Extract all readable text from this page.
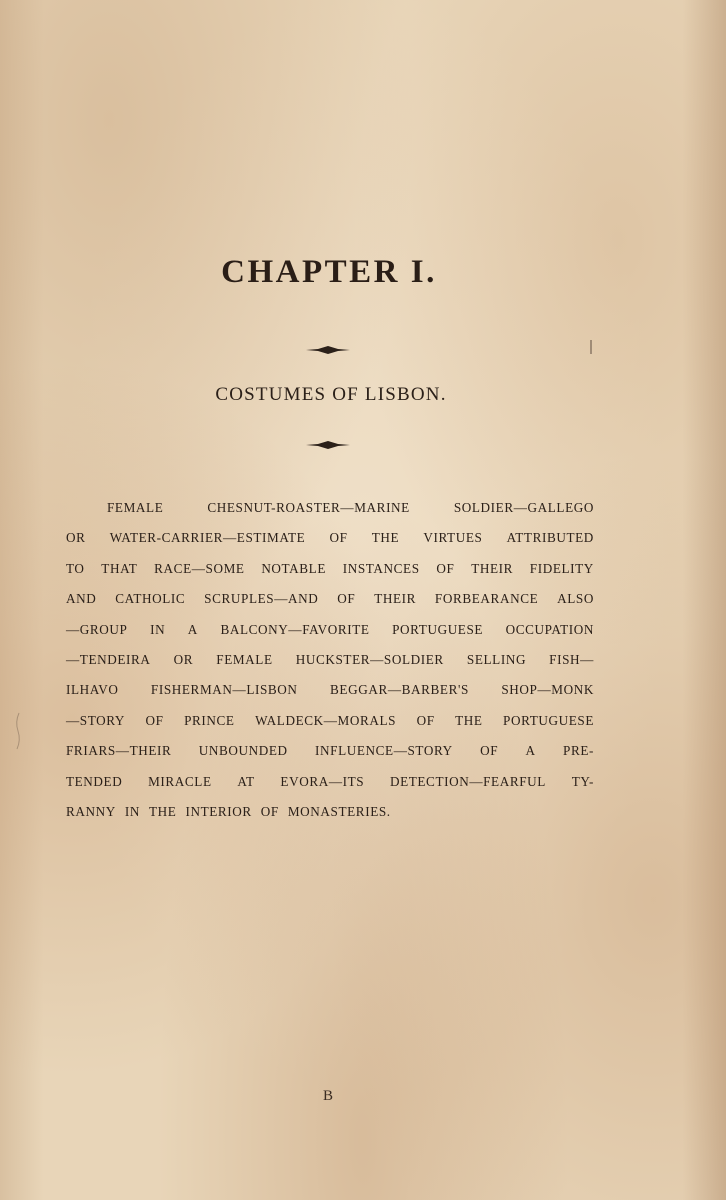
CHAPTER I.
COSTUMES OF LISBON.
FEMALE	CHESNUT-ROASTER—MARINE	SOLDIER—GALLEGO
OR WATER-CARRIER—ESTIMATE OF THE VIRTUES ATTRIBUTED
TO THAT RACE—SOME NOTABLE INSTANCES OF THEIR FIDELITY
AND CATHOLIC SCRUPLES—AND OF THEIR FORBEARANCE ALSO
—GROUP IN A BALCONY—FAVORITE PORTUGUESE OCCUPATION
—TENDEIRA OR FEMALE HUCKSTER—SOLDIER SELLING FISH—
ILHAVO FISHERMAN—LISBON BEGGAR—BARBER'S SHOP—MONK
—STORY OF PRINCE WALDECK—MORALS OF THE PORTUGUESE
FRIARS—THEIR UNBOUNDED INFLUENCE—STORY OF A PRE-
TENDED MIRACLE AT EVORA—ITS DETECTION—FEARFUL TY-
RANNY IN THE INTERIOR OF MONASTERIES.
B
